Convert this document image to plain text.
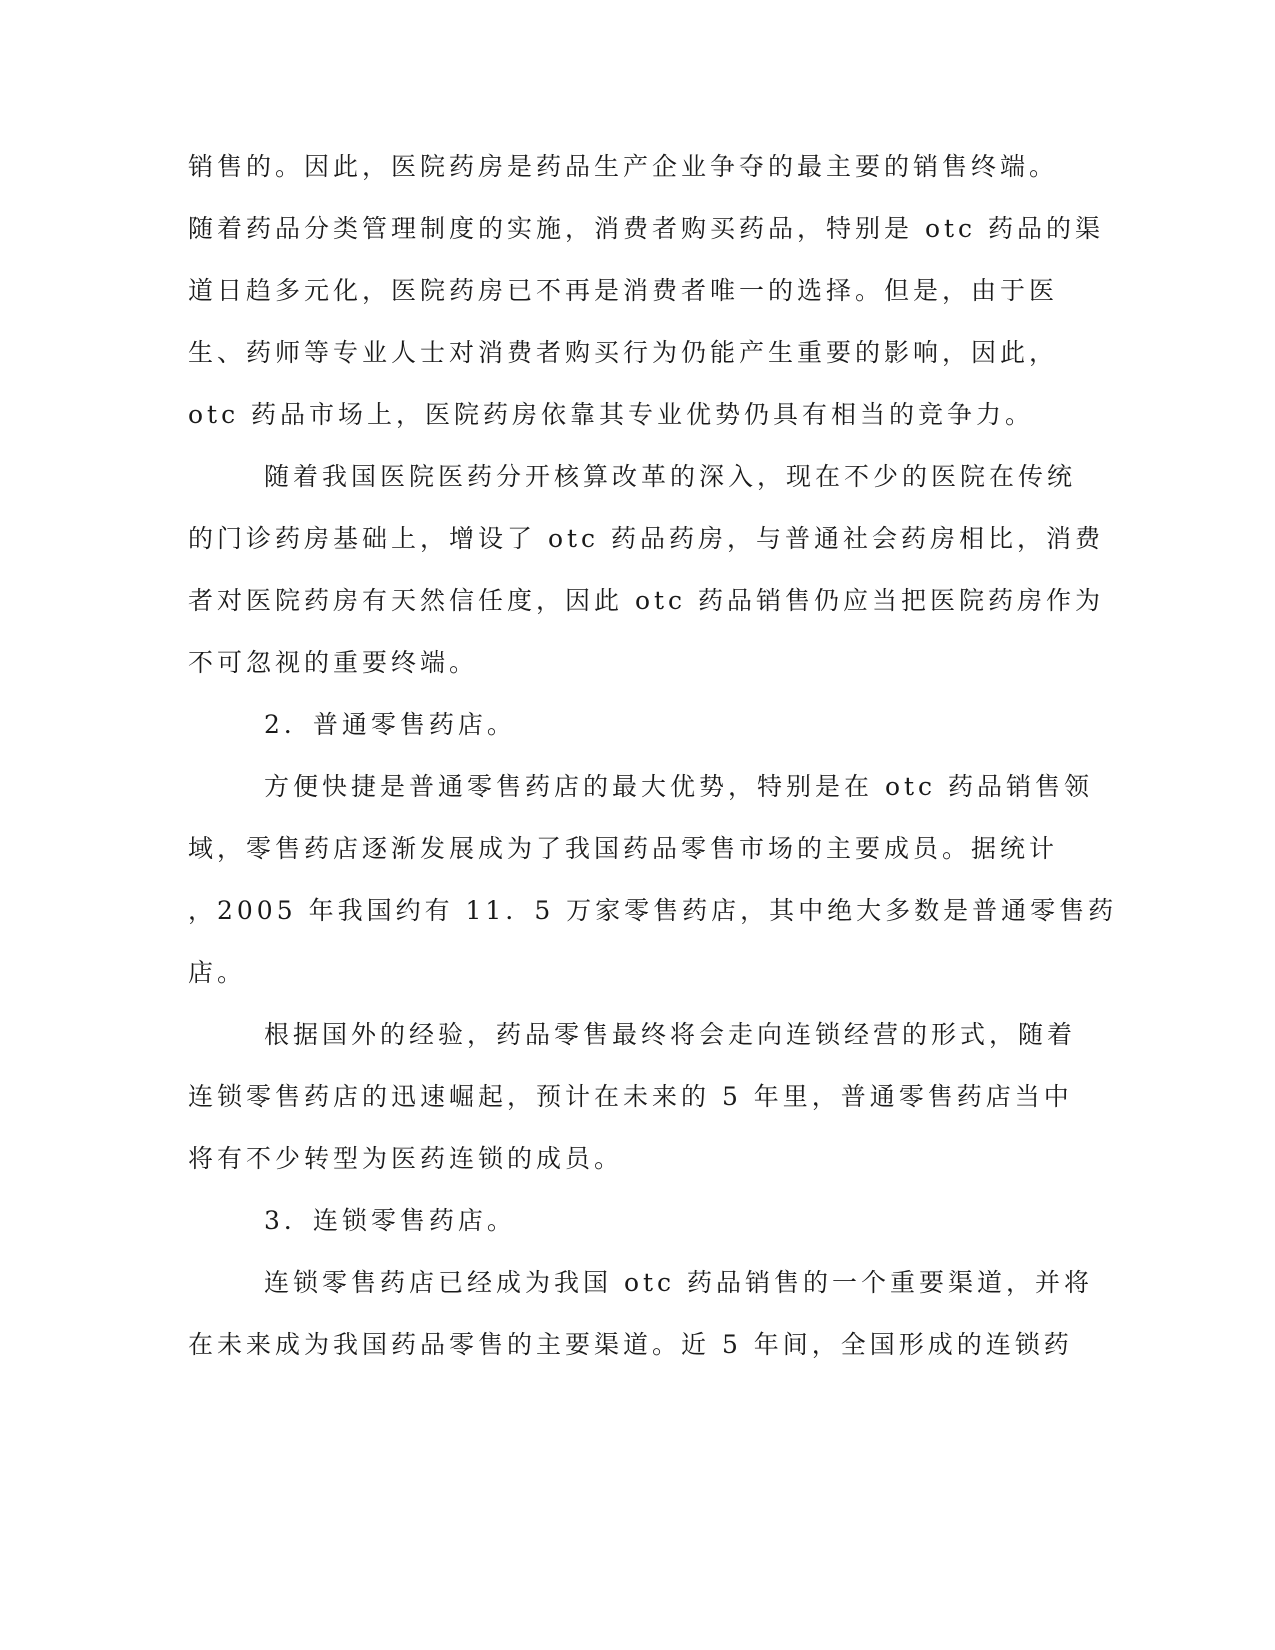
销售的。因此，医院药房是药品生产企业争夺的最主要的销售终端。
随着药品分类管理制度的实施，消费者购买药品，特别是 otc 药品的渠
道日趋多元化，医院药房已不再是消费者唯一的选择。但是，由于医
生、药师等专业人士对消费者购买行为仍能产生重要的影响，因此，
otc 药品市场上，医院药房依靠其专业优势仍具有相当的竞争力。
随着我国医院医药分开核算改革的深入，现在不少的医院在传统
的门诊药房基础上，增设了 otc 药品药房，与普通社会药房相比，消费
者对医院药房有天然信任度，因此 otc 药品销售仍应当把医院药房作为
不可忽视的重要终端。
2．普通零售药店。
方便快捷是普通零售药店的最大优势，特别是在 otc 药品销售领
域，零售药店逐渐发展成为了我国药品零售市场的主要成员。据统计
，2005 年我国约有 11．5 万家零售药店，其中绝大多数是普通零售药
店。
根据国外的经验，药品零售最终将会走向连锁经营的形式，随着
连锁零售药店的迅速崛起，预计在未来的 5 年里，普通零售药店当中
将有不少转型为医药连锁的成员。
3．连锁零售药店。
连锁零售药店已经成为我国 otc 药品销售的一个重要渠道，并将
在未来成为我国药品零售的主要渠道。近 5 年间，全国形成的连锁药
